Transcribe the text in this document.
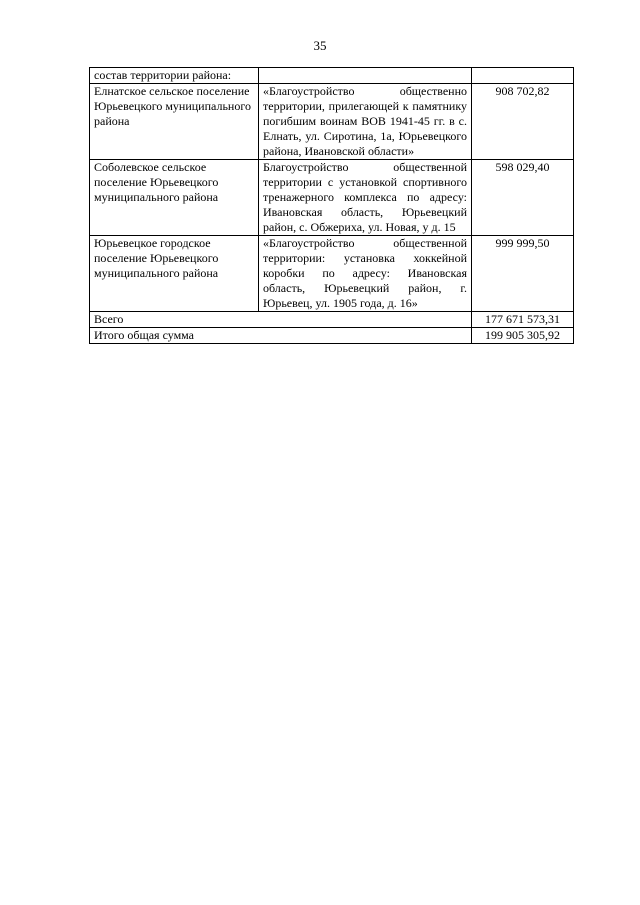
35
состав территории района:		
Елнатское сельское поселение Юрьевецкого муниципального района	«Благоустройство общественно территории, прилегающей к памятнику погибшим воинам ВОВ 1941-45 гг. в с. Елнать, ул. Сиротина, 1а, Юрьевецкого района, Ивановской области»	908 702,82
Соболевское сельское поселение Юрьевецкого муниципального района	Благоустройство общественной территории с установкой спортивного тренажерного комплекса по адресу: Ивановская область, Юрьевецкий район, с. Обжериха, ул. Новая, у д. 15	598 029,40
Юрьевецкое городское поселение Юрьевецкого муниципального района	«Благоустройство общественной территории: установка хоккейной коробки по адресу: Ивановская область, Юрьевецкий район, г. Юрьевец, ул. 1905 года, д. 16»	999 999,50
Всего		177 671 573,31
Итого общая сумма		199 905 305,92
